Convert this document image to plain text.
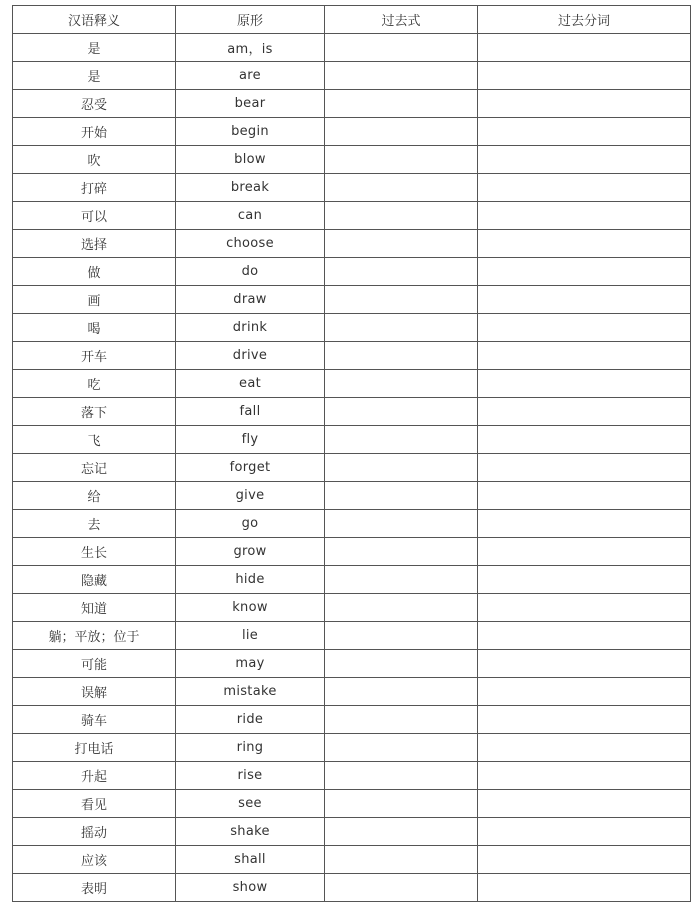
汉语释义	原形	过去式	过去分词
是	am，is		
是	are		
忍受	bear		
开始	begin		
吹	blow		
打碎	break		
可以	can		
选择	choose		
做	do		
画	draw		
喝	drink		
开车	drive		
吃	eat		
落下	fall		
飞	fly		
忘记	forget		
给	give		
去	go		
生长	grow		
隐藏	hide		
知道	know		
躺；平放；位于	lie		
可能	may		
误解	mistake		
骑车	ride		
打电话	ring		
升起	rise		
看见	see		
摇动	shake		
应该	shall		
表明	show		
